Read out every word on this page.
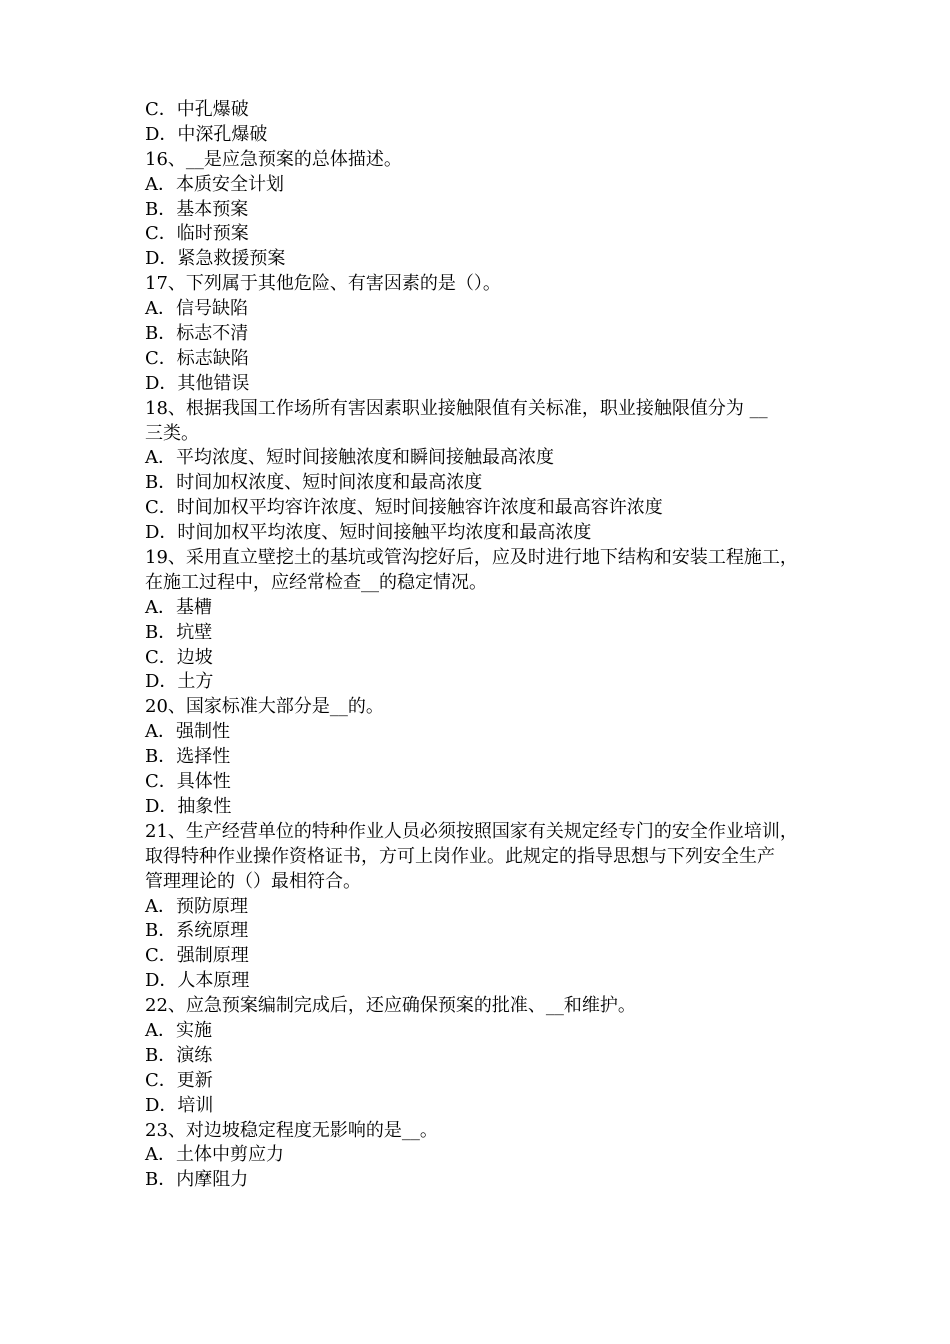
C．中孔爆破
D．中深孔爆破
16、__是应急预案的总体描述。
A．本质安全计划
B．基本预案
C．临时预案
D．紧急救援预案
17、下列属于其他危险、有害因素的是（）。
A．信号缺陷
B．标志不清
C．标志缺陷
D．其他错误
18、根据我国工作场所有害因素职业接触限值有关标准，职业接触限值分为 __
三类。
A．平均浓度、短时间接触浓度和瞬间接触最高浓度
B．时间加权浓度、短时间浓度和最高浓度
C．时间加权平均容许浓度、短时间接触容许浓度和最高容许浓度
D．时间加权平均浓度、短时间接触平均浓度和最高浓度
19、采用直立壁挖土的基坑或管沟挖好后，应及时进行地下结构和安装工程施工，
在施工过程中，应经常检查__的稳定情况。
A．基槽
B．坑壁
C．边坡
D．土方
20、国家标准大部分是__的。
A．强制性
B．选择性
C．具体性
D．抽象性
21、生产经营单位的特种作业人员必须按照国家有关规定经专门的安全作业培训，
取得特种作业操作资格证书，方可上岗作业。此规定的指导思想与下列安全生产
管理理论的（）最相符合。
A．预防原理
B．系统原理
C．强制原理
D．人本原理
22、应急预案编制完成后，还应确保预案的批准、__和维护。
A．实施
B．演练
C．更新
D．培训
23、对边坡稳定程度无影响的是__。
A．土体中剪应力
B．内摩阻力
